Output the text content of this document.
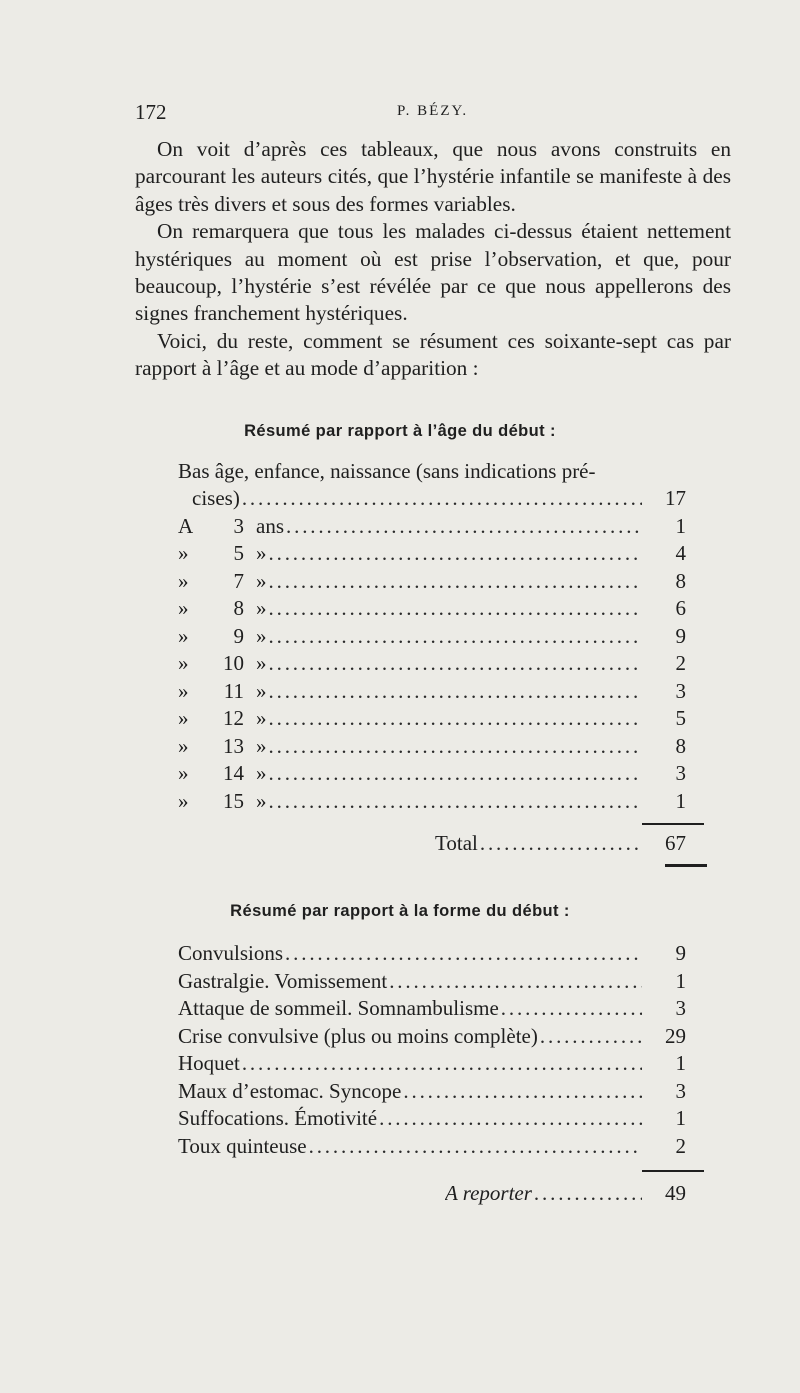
172	P. BÉZY.

On voit d’après ces tableaux, que nous avons construits en parcourant les auteurs cités, que l’hystérie infantile se manifeste à des âges très divers et sous des formes variables.

On remarquera que tous les malades ci-dessus étaient nettement hystériques au moment où est prise l’observation, et que, pour beaucoup, l’hystérie s’est révélée par ce que nous appellerons des signes franchement hystériques.

Voici, du reste, comment se résument ces soixante-sept cas par rapport à l’âge et au mode d’apparition :

Résumé par rapport à l’âge du début :
Bas âge, enfance, naissance (sans indications pré-
cises) . . .	17
A 3 ans . . .	1
» 5 » . . .	4
» 7 » . . .	8
» 8 » . . .	6
» 9 » . . .	9
» 10 » . . .	2
» 11 » . . .	3
» 12 » . . .	5
» 13 » . . .	8
» 14 » . . .	3
» 15 » . . .	1
Total . . .	67
Résumé par rapport à la forme du début :
Convulsions . . .	9
Gastralgie. Vomissement . . .	1
Attaque de sommeil. Somnambulisme . . .	3
Crise convulsive (plus ou moins complète) . . .	29
Hoquet . . .	1
Maux d’estomac. Syncope . . .	3
Suffocations. Émotivité . . .	1
Toux quinteuse . . .	2
A reporter . . .	49
